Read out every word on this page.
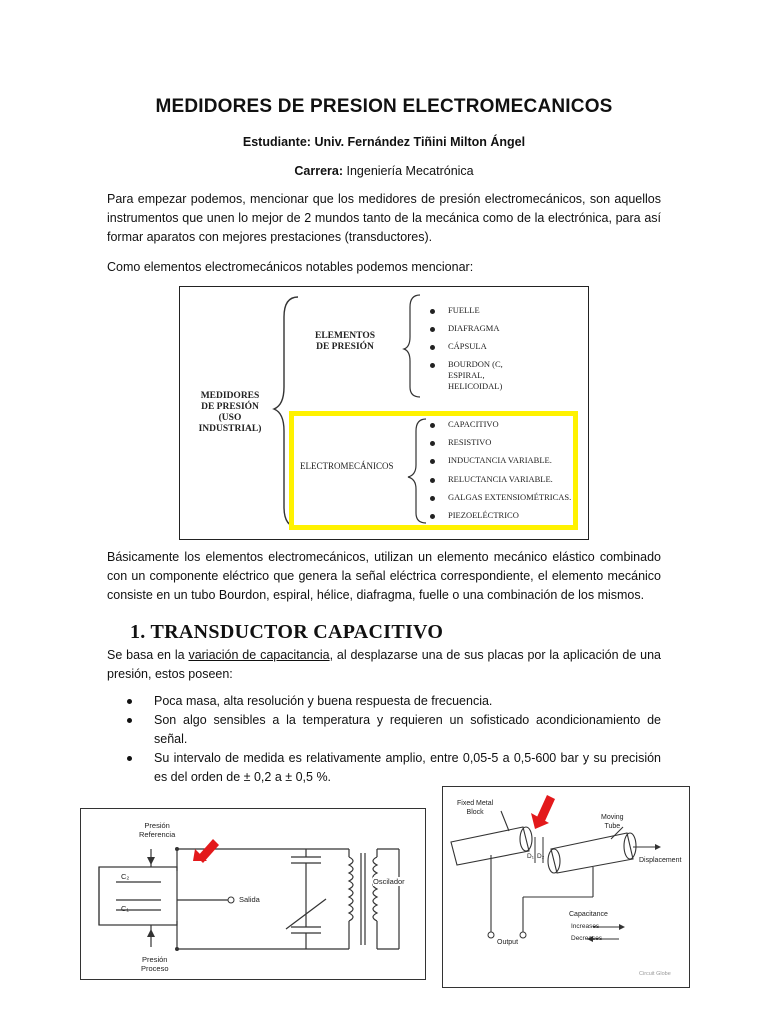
MEDIDORES DE PRESION ELECTROMECANICOS
Estudiante: Univ. Fernández Tiñini Milton Ángel
Carrera: Ingeniería Mecatrónica
Para empezar podemos, mencionar que los medidores de presión electromecánicos, son aquellos instrumentos que unen lo mejor de 2 mundos tanto de la mecánica como de la electrónica, para así formar aparatos con mejores prestaciones (transductores).
Como elementos electromecánicos notables podemos mencionar:
MEDIDORES
DE PRESIÓN
(USO
INDUSTRIAL)
ELEMENTOS
DE PRESIÓN
ELECTROMECÁNICOS
FUELLE
DIAFRAGMA
CÁPSULA
BOURDON (C,
ESPIRAL,
HELICOIDAL)
CAPACITIVO
RESISTIVO
INDUCTANCIA VARIABLE.
RELUCTANCIA VARIABLE.
GALGAS EXTENSIOMÉTRICAS.
PIEZOELÉCTRICO
Básicamente los elementos electromecánicos, utilizan un elemento mecánico elástico combinado con un componente eléctrico que genera la señal eléctrica correspondiente, el elemento mecánico consiste en un tubo Bourdon, espiral, hélice, diafragma, fuelle o una combinación de los mismos.
1. TRANSDUCTOR CAPACITIVO
Se basa en la variación de capacitancia, al desplazarse una de sus placas por la aplicación de una presión, estos poseen:
Poca masa, alta resolución y buena respuesta de frecuencia.
Son algo sensibles a la temperatura y requieren un sofisticado acondicionamiento de señal.
Su intervalo de medida es relativamente amplio, entre 0,05-5 a 0,5-600 bar y su precisión es del orden de ± 0,2 a ± 0,5 %.
Presión
Referencia
C₂
C₁
Salida
Oscilador
Presión
Proceso
Fixed Metal
Block
Moving
Tube
Displacement
D₁ D₂
Output
Capacitance
Increases
Decreases
Circuit Globe
